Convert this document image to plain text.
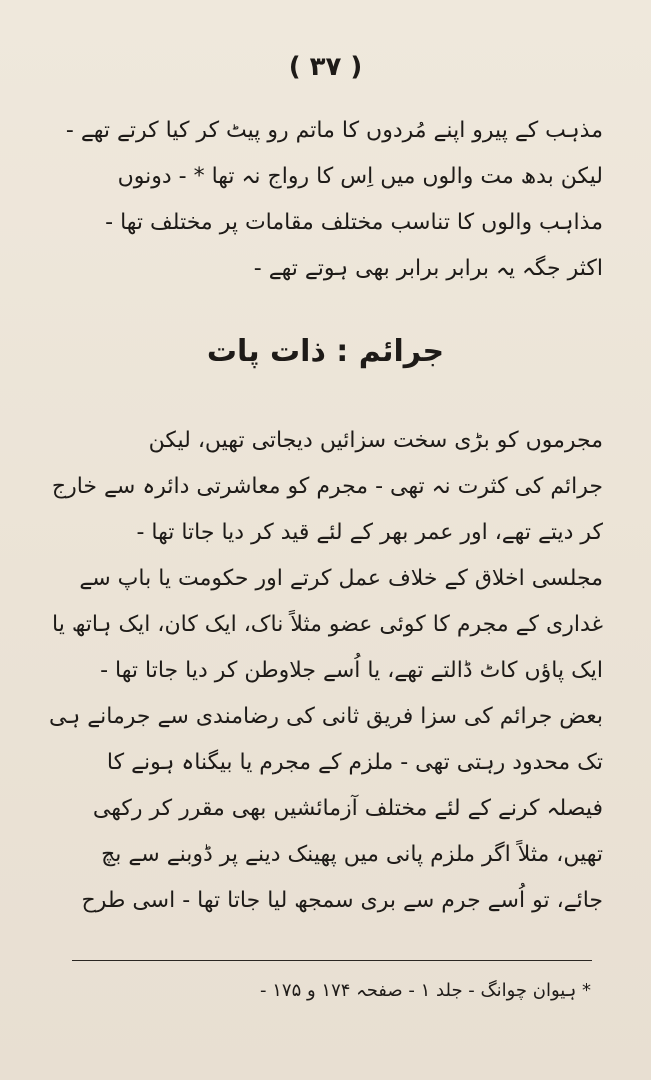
( ۳۷ )
مذہب کے پیرو اپنے مُردوں کا ماتم رو پیٹ کر کیا کرتے تھے -
لیکن بدھ مت والوں میں اِس کا رواج نہ تھا * - دونوں
مذاہب والوں کا تناسب مختلف مقامات پر مختلف تھا -
اکثر جگہ یہ برابر برابر بھی ہوتے تھے -
جرائم : ذات پات
مجرموں کو بڑی سخت سزائیں دیجاتی تھیں، لیکن
جرائم کی کثرت نہ تھی - مجرم کو معاشرتی دائرہ سے خارج
کر دیتے تھے، اور عمر بھر کے لئے قید کر دیا جاتا تھا -
مجلسی اخلاق کے خلاف عمل کرتے اور حکومت یا باپ سے
غداری کے مجرم کا کوئی عضو مثلاً ناک، ایک کان، ایک ہاتھ یا
ایک پاؤں کاٹ ڈالتے تھے، یا اُسے جلاوطن کر دیا جاتا تھا -
بعض جرائم کی سزا فریق ثانی کی رضامندی سے جرمانے ہی
تک محدود رہتی تھی - ملزم کے مجرم یا بیگناہ ہونے کا
فیصلہ کرنے کے لئے مختلف آزمائشیں بھی مقرر کر رکھی
تھیں، مثلاً اگر ملزم پانی میں پھینک دینے پر ڈوبنے سے بچ
جائے، تو اُسے جرم سے بری سمجھ لیا جاتا تھا - اسی طرح
* ہیوان چوانگ - جلد ۱ - صفحہ ۱۷۴ و ۱۷۵ -
